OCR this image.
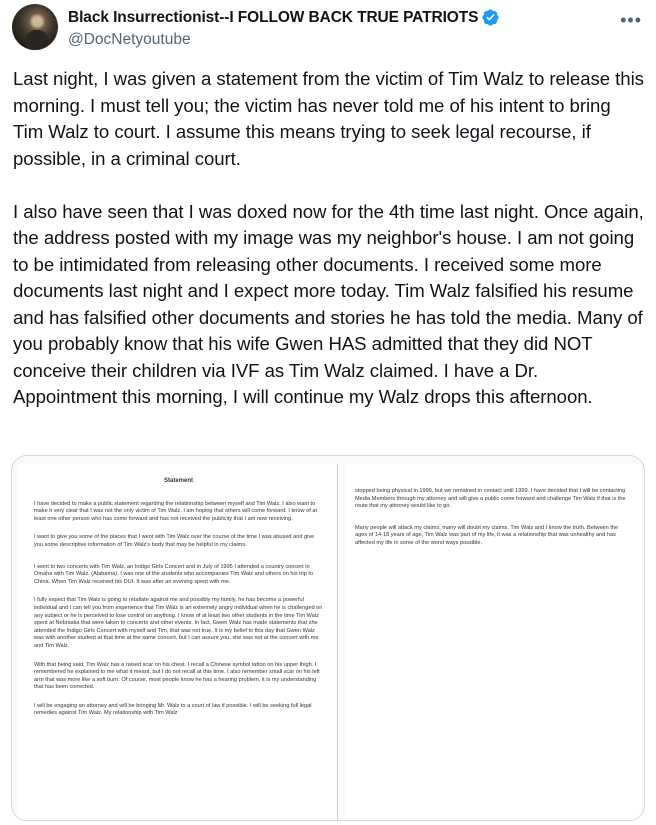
Black Insurrectionist--I FOLLOW BACK TRUE PATRIOTS
@DocNetyoutube
•••

Last night, I was given a statement from the victim of Tim Walz to release this morning. I must tell you; the victim has never told me of his intent to bring Tim Walz to court. I assume this means trying to seek legal recourse, if possible, in a criminal court.

I also have seen that I was doxed now for the 4th time last night. Once again, the address posted with my image was my neighbor's house. I am not going to be intimidated from releasing other documents. I received some more documents last night and I expect more today. Tim Walz falsified his resume and has falsified other documents and stories he has told the media. Many of you probably know that his wife Gwen HAS admitted that they did NOT conceive their children via IVF as Tim Walz claimed. I have a Dr. Appointment this morning, I will continue my Walz drops this afternoon.

Statement
I have decided to make a public statement regarding the relationship between myself and Tim Walz. I also want to make it very clear that I was not the only victim of Tim Walz. I am hoping that others will come forward. I know of at least one other person who has come forward and has not received the publicity that I am now receiving.
I want to give you some of the places that I went with Tim Walz over the course of the time I was abused and give you some descriptive information of Tim Walz's body that may be helpful in my claims.
I went to two concerts with Tim Walz, an Indigo Girls Concert and in July of 1995 I attended a country concert in Omaha with Tim Walz. (Alabama). I was one of the students who accompanies Tim Walz and others on his trip to China. When Tim Walz received his DUI. It was after an evening spent with me.
I fully expect that Tim Walz is going to retaliate against me and possibly my family, he has become a powerful individual and I can tell you from experience that Tim Walz is an extremely angry individual when he is challenged on any subject or he is perceived to lose control on anything. I know of at least two other students in the time Tim Walz spent at Nebraska that were taken to concerts and other events. In fact, Gwen Walz has made statements that she attended the Indigo Girls Concert with myself and Tim, that was not true. It is my belief to this day that Gwen Walz was with another student at that time at the same concert, but I can assure you, she was not at the concert with me and Tim Walz.
With that being said, Tim Walz has a raised scar on his chest. I recall a Chinese symbol tattoo on his upper thigh. I remembered he explained to me what it meant, but I do not recall at this time. I also remember small scar on his left arm that was more like a soft burn. Of course, most people know he has a hearing problem, it is my understanding that has been corrected.
I will be engaging an attorney and will be bringing Mr. Walz to a court of law if possible. I will be seeking full legal remedies against Tim Walz. My relationship with Tim Walz
stopped being physical in 1996, but we remained in contact until 1999. I have decided that I will be contacting Media Members through my attorney and will give a public come forward and challenge Tim Walz if that is the route that my attorney would like to go.
Many people will attack my claims, many will doubt my claims. Tim Walz and I know the truth. Between the ages of 14-18 years of age, Tim Walz was part of my life, it was a relationship that was unhealthy and has affected my life in some of the worst ways possible.
